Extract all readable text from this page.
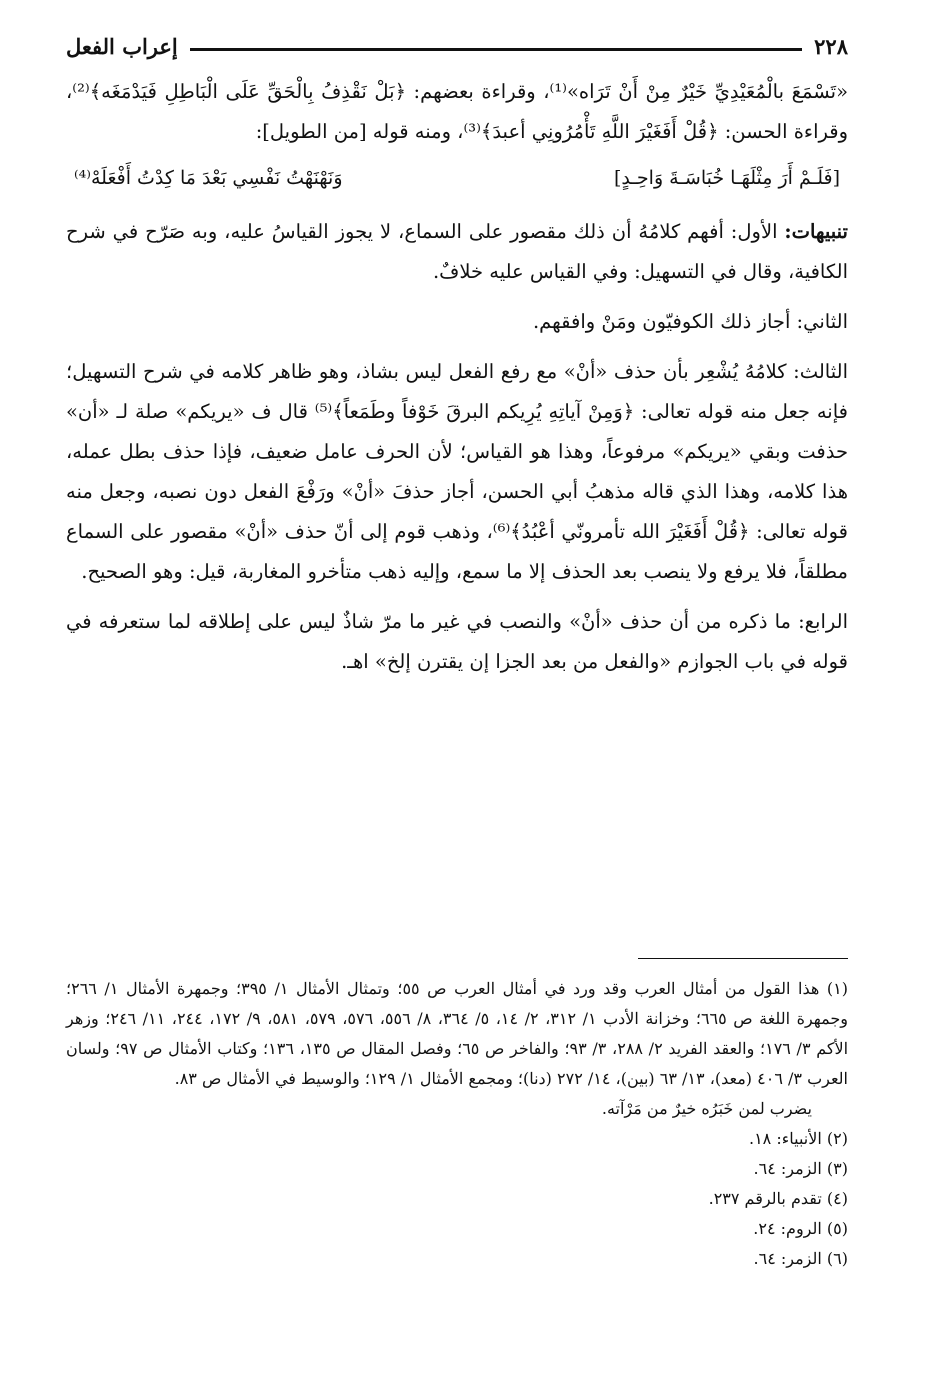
٢٢٨
إعراب الفعل

«تَسْمَعَ بالْمُعَيْدِيِّ خَيْرٌ مِنْ أَنْ تَرَاه»⁽¹⁾، وقراءة بعضهم: ﴿بَلْ نَقْذِفُ بِالْحَقِّ عَلَى الْبَاطِلِ فَيَدْمَغَه﴾⁽²⁾، وقراءة الحسن: ﴿قُلْ أَفَغَيْرَ اللَّهِ تَأْمُرُونِي أعبدَ﴾⁽³⁾، ومنه قوله [من الطويل]:

[فَلَـمْ أَرَ مِثْلَهَـا خُبَاسَـةَ وَاحِـدٍ]
وَنَهْنَهْتُ نَفْسِي بَعْدَ مَا كِدْتُ أَفْعَلَهْ⁽⁴⁾

تنبيهات: الأول: أفهم كلامُهُ أن ذلك مقصور على السماع، لا يجوز القياسُ عليه، وبه صَرّح في شرح الكافية، وقال في التسهيل: وفي القياس عليه خلافٌ.

الثاني: أجاز ذلك الكوفيّون ومَنْ وافقهم.

الثالث: كلامُهُ يُشْعِر بأن حذف «أنْ» مع رفع الفعل ليس بشاذ، وهو ظاهر كلامه في شرح التسهيل؛ فإنه جعل منه قوله تعالى: ﴿وَمِنْ آياتِهِ يُرِيكم البرقَ خَوْفاً وطَمَعاً﴾⁽⁵⁾ قال ف «يريكم» صلة لـ «أن» حذفت وبقي «يريكم» مرفوعاً، وهذا هو القياس؛ لأن الحرف عامل ضعيف، فإذا حذف بطل عمله، هذا كلامه، وهذا الذي قاله مذهبُ أبي الحسن، أجاز حذفَ «أنْ» ورَفْعَ الفعل دون نصبه، وجعل منه قوله تعالى: ﴿قُلْ أَفَغَيْرَ الله تأمرونّي أعْبُدُ﴾⁽⁶⁾، وذهب قوم إلى أنّ حذف «أنْ» مقصور على السماع مطلقاً، فلا يرفع ولا ينصب بعد الحذف إلا ما سمع، وإليه ذهب متأخرو المغاربة، قيل: وهو الصحيح.

الرابع: ما ذكره من أن حذف «أنْ» والنصب في غير ما مرّ شاذٌ ليس على إطلاقه لما ستعرفه في قوله في باب الجوازم «والفعل من بعد الجزا إن يقترن إلخ» اهـ.

(١) هذا القول من أمثال العرب وقد ورد في أمثال العرب ص ٥٥؛ وتمثال الأمثال ١/ ٣٩٥؛ وجمهرة الأمثال ١/ ٢٦٦؛ وجمهرة اللغة ص ٦٦٥؛ وخزانة الأدب ١/ ٣١٢، ٢/ ١٤، ٥/ ٣٦٤، ٨/ ٥٥٦، ٥٧٦، ٥٧٩، ٥٨١، ٩/ ١٧٢، ٢٤٤، ١١/ ٢٤٦؛ وزهر الأكم ٣/ ١٧٦؛ والعقد الفريد ٢/ ٢٨٨، ٣/ ٩٣؛ والفاخر ص ٦٥؛ وفصل المقال ص ١٣٥، ١٣٦؛ وكتاب الأمثال ص ٩٧؛ ولسان العرب ٣/ ٤٠٦ (معد)، ١٣/ ٦٣ (بين)، ١٤/ ٢٧٢ (دنا)؛ ومجمع الأمثال ١/ ١٢٩؛ والوسيط في الأمثال ص ٨٣.

يضرب لمن خَبَرُه خيرٌ من مَرْآته.

(٢) الأنبياء: ١٨.

(٣) الزمر: ٦٤.

(٤) تقدم بالرقم ٢٣٧.

(٥) الروم: ٢٤.

(٦) الزمر: ٦٤.
